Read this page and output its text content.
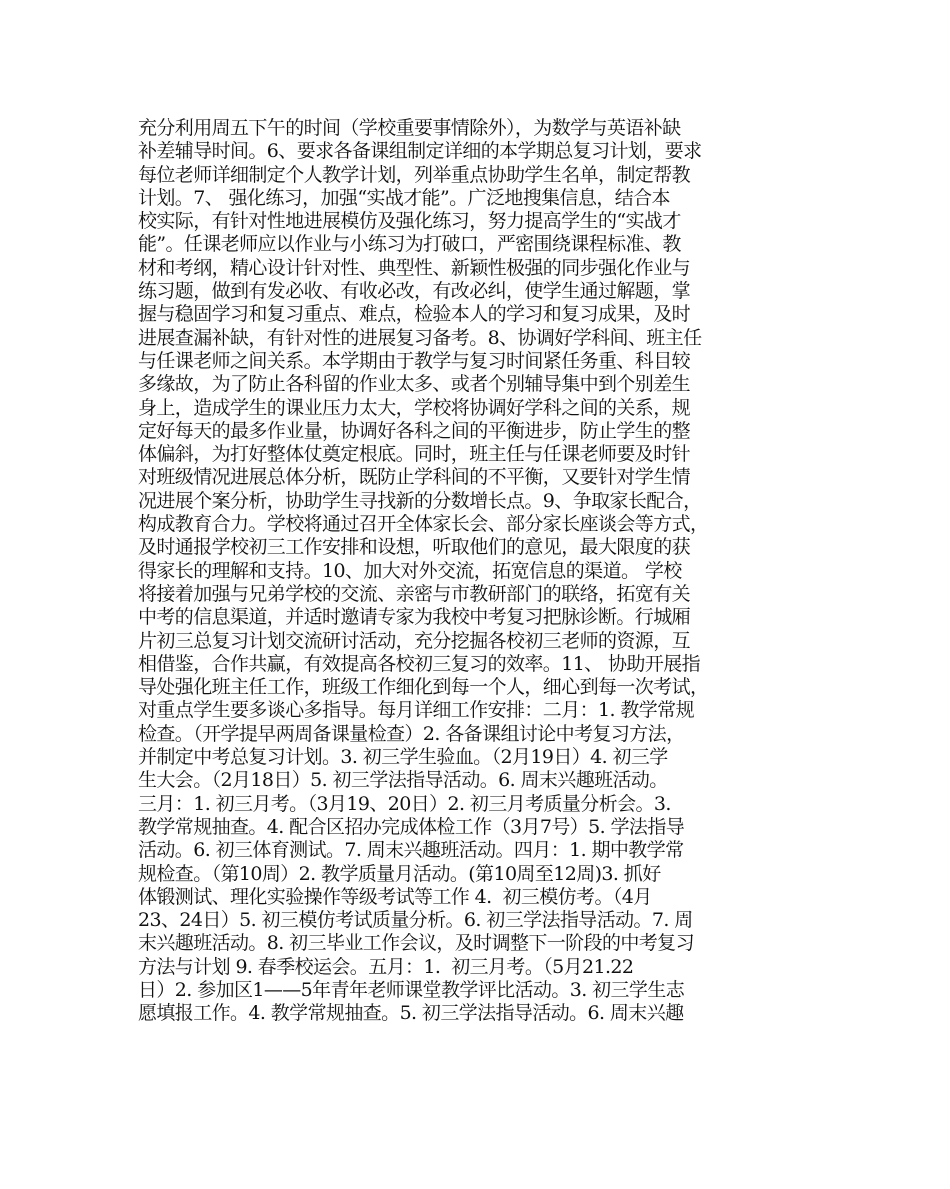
充分利用周五下午的时间（学校重要事情除外），为数学与英语补缺
补差辅导时间。6、要求各备课组制定详细的本学期总复习计划，要求
每位老师详细制定个人教学计划，列举重点协助学生名单，制定帮教
计划。7、 强化练习，加强“实战才能”。广泛地搜集信息，结合本
校实际，有针对性地进展模仿及强化练习，努力提高学生的“实战才
能”。任课老师应以作业与小练习为打破口，严密围绕课程标准、教
材和考纲，精心设计针对性、典型性、新颖性极强的同步强化作业与
练习题，做到有发必收、有收必改，有改必纠，使学生通过解题，掌
握与稳固学习和复习重点、难点，检验本人的学习和复习成果，及时
进展查漏补缺，有针对性的进展复习备考。8、协调好学科间、班主任
与任课老师之间关系。本学期由于教学与复习时间紧任务重、科目较
多缘故，为了防止各科留的作业太多、或者个别辅导集中到个别差生
身上，造成学生的课业压力太大，学校将协调好学科之间的关系，规
定好每天的最多作业量，协调好各科之间的平衡进步，防止学生的整
体偏斜，为打好整体仗奠定根底。同时，班主任与任课老师要及时针
对班级情况进展总体分析，既防止学科间的不平衡，又要针对学生情
况进展个案分析，协助学生寻找新的分数增长点。9、争取家长配合，
构成教育合力。学校将通过召开全体家长会、部分家长座谈会等方式，
及时通报学校初三工作安排和设想，听取他们的意见，最大限度的获
得家长的理解和支持。10、加大对外交流，拓宽信息的渠道。 学校
将接着加强与兄弟学校的交流、亲密与市教研部门的联络，拓宽有关
中考的信息渠道，并适时邀请专家为我校中考复习把脉诊断。行城厢
片初三总复习计划交流研讨活动，充分挖掘各校初三老师的资源，互
相借鉴，合作共赢，有效提高各校初三复习的效率。11、 协助开展指
导处强化班主任工作，班级工作细化到每一个人，细心到每一次考试，
对重点学生要多谈心多指导。每月详细工作安排：二月：1. 教学常规
检查。（开学提早两周备课量检查）2. 各备课组讨论中考复习方法，
并制定中考总复习计划。3. 初三学生验血。（2月19日）4. 初三学
生大会。（2月18日）5. 初三学法指导活动。6. 周末兴趣班活动。
三月：1. 初三月考。（3月19、20日）2. 初三月考质量分析会。3.
教学常规抽查。4. 配合区招办完成体检工作（3月7号）5. 学法指导
活动。6. 初三体育测试。7. 周末兴趣班活动。四月：1. 期中教学常
规检查。（第10周）2. 教学质量月活动。(第10周至12周)3. 抓好
体锻测试、理化实验操作等级考试等工作 4.  初三模仿考。（4月
23、24日）5. 初三模仿考试质量分析。6. 初三学法指导活动。7. 周
末兴趣班活动。8. 初三毕业工作会议，及时调整下一阶段的中考复习
方法与计划 9. 春季校运会。五月：1.  初三月考。（5月21.22
日）2. 参加区1——5年青年老师课堂教学评比活动。3. 初三学生志
愿填报工作。4. 教学常规抽查。5. 初三学法指导活动。6. 周末兴趣
